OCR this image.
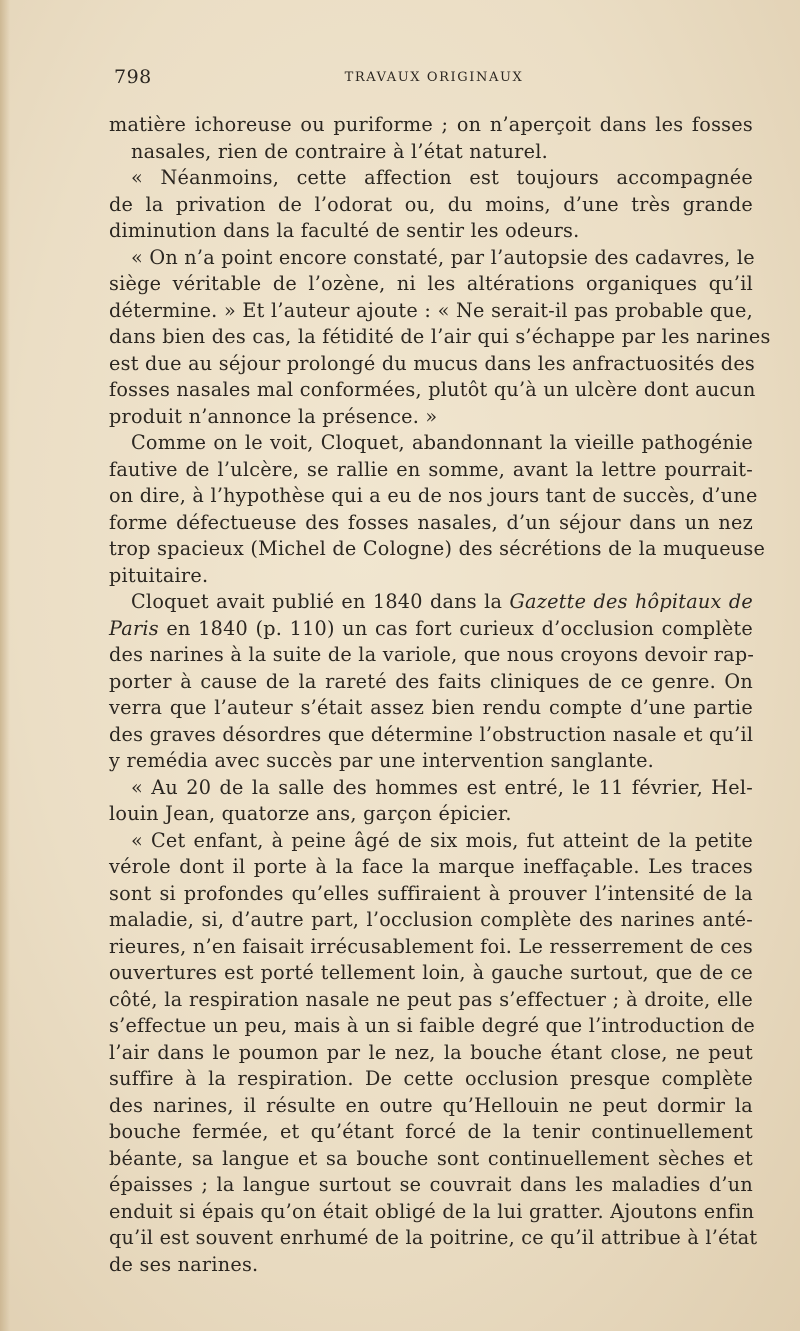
798	TRAVAUX ORIGINAUX
matière ichoreuse ou puriforme ; on n’aperçoit dans les fosses
nasales, rien de contraire à l’état naturel.
« Néanmoins, cette affection est toujours accompagnée
de la privation de l’odorat ou, du moins, d’une très grande
diminution dans la faculté de sentir les odeurs.
« On n’a point encore constaté, par l’autopsie des cadavres, le
siège véritable de l’ozène, ni les altérations organiques qu’il
détermine. » Et l’auteur ajoute : « Ne serait-il pas probable que,
dans bien des cas, la fétidité de l’air qui s’échappe par les narines
est due au séjour prolongé du mucus dans les anfractuosités des
fosses nasales mal conformées, plutôt qu’à un ulcère dont aucun
produit n’annonce la présence. »
Comme on le voit, Cloquet, abandonnant la vieille pathogénie
fautive de l’ulcère, se rallie en somme, avant la lettre pourrait-
on dire, à l’hypothèse qui a eu de nos jours tant de succès, d’une
forme défectueuse des fosses nasales, d’un séjour dans un nez
trop spacieux (Michel de Cologne) des sécrétions de la muqueuse
pituitaire.
Cloquet avait publié en 1840 dans la Gazette des hôpitaux de
Paris en 1840 (p. 110) un cas fort curieux d’occlusion complète
des narines à la suite de la variole, que nous croyons devoir rap-
porter à cause de la rareté des faits cliniques de ce genre. On
verra que l’auteur s’était assez bien rendu compte d’une partie
des graves désordres que détermine l’obstruction nasale et qu’il
y remédia avec succès par une intervention sanglante.
« Au 20 de la salle des hommes est entré, le 11 février, Hel-
louin Jean, quatorze ans, garçon épicier.
« Cet enfant, à peine âgé de six mois, fut atteint de la petite
vérole dont il porte à la face la marque ineffaçable. Les traces
sont si profondes qu’elles suffiraient à prouver l’intensité de la
maladie, si, d’autre part, l’occlusion complète des narines anté-
rieures, n’en faisait irrécusablement foi. Le resserrement de ces
ouvertures est porté tellement loin, à gauche surtout, que de ce
côté, la respiration nasale ne peut pas s’effectuer ; à droite, elle
s’effectue un peu, mais à un si faible degré que l’introduction de
l’air dans le poumon par le nez, la bouche étant close, ne peut
suffire à la respiration. De cette occlusion presque complète
des narines, il résulte en outre qu’Hellouin ne peut dormir la
bouche fermée, et qu’étant forcé de la tenir continuellement
béante, sa langue et sa bouche sont continuellement sèches et
épaisses ; la langue surtout se couvrait dans les maladies d’un
enduit si épais qu’on était obligé de la lui gratter. Ajoutons enfin
qu’il est souvent enrhumé de la poitrine, ce qu’il attribue à l’état
de ses narines.
